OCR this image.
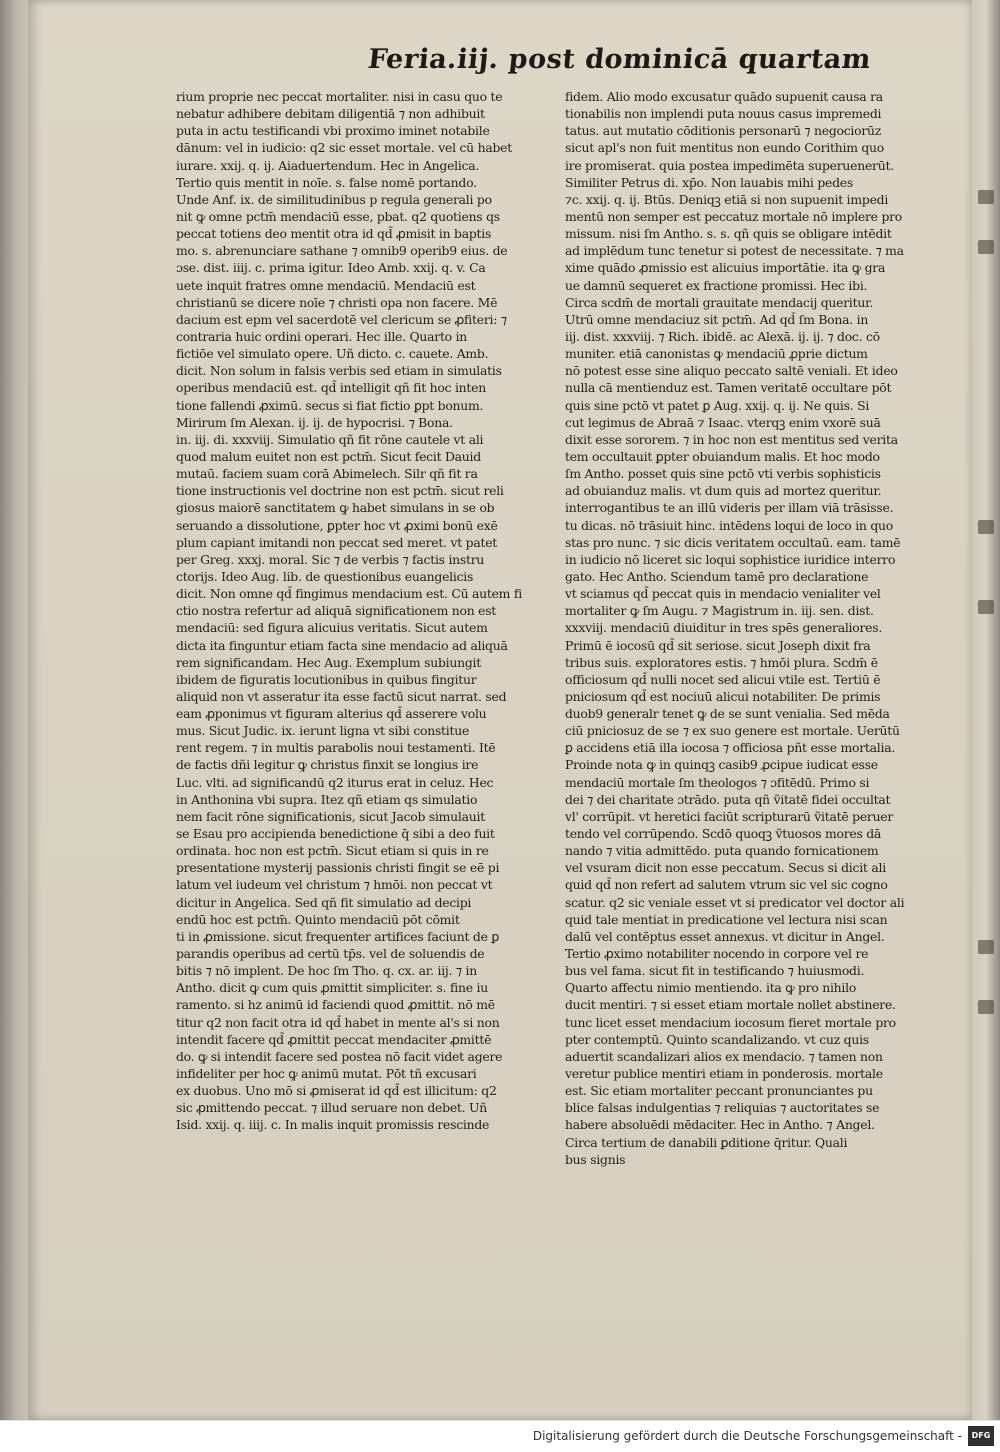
Feria.iij. post dominicā quartam
rium proprie nec peccat mortaliter. nisi in casu quo te
nebatur adhibere debitam diligentiā ⁊ non adhibuit
puta in actu testificandi vbi proximo iminet notabile
dānum: vel in iudicio: q2 sic esset mortale. vel cū habet
iurare. xxij. q. ij. Aiaduertendum. Hec in Angelica.
Tertio quis mentit in noīe. s. false nomē portando.
Unde Anf. ix. de similitudinibus p regula generali po
nit ꝙ omne pctm̄ mendaciū esse, pbat. q2 quotiens qs
peccat totiens deo mentit otra id qd̄ ꝓmisit in baptis
mo. s. abrenunciare sathane ⁊ omnib9 operib9 eius. de
ɔse. dist. iiij. c. prima igitur. Ideo Amb. xxij. q. v. Ca
uete inquit fratres omne mendaciū. Mendaciū est
christianū se dicere noīe ⁊ christi opa non facere. Mē
dacium est epm vel sacerdotē vel clericum se ꝓfiteri: ⁊
contraria huic ordini operari. Hec ille. Quarto in
fictiōe vel simulato opere. Uñ dicto. c. cauete. Amb.
dicit. Non solum in falsis verbis sed etiam in simulatis
operibus mendaciū est. qd̄ intelligit qñ fit hoc inten
tione fallendi ꝓximū. secus si fiat fictio ꝑpt bonum.
Mirirum ſm Alexan. ij. ij. de hypocrisi. ⁊ Bona.
in. iij. di. xxxviij. Simulatio qñ fit rōne cautele vt ali
quod malum euitet non est pctm̄. Sicut fecit Dauid
mutaū. faciem suam corā Abimelech. Silr qñ fit ra
tione instructionis vel doctrine non est pctm̄. sicut reli
giosus maiorē sanctitatem ꝙ habet simulans in se ob
seruando a dissolutione, ꝑpter hoc vt ꝓximi bonū exē
plum capiant imitandi non peccat sed meret. vt patet
per Greg. xxxj. moral. Sic ⁊ de verbis ⁊ factis instru
ctorijs. Ideo Aug. lib. de questionibus euangelicis
dicit. Non omne qd̄ fingimus mendacium est. Cū autem fi
ctio nostra refertur ad aliquā significationem non est
mendaciū: sed figura alicuius veritatis. Sicut autem
dicta ita finguntur etiam facta sine mendacio ad aliquā
rem significandam. Hec Aug. Exemplum subiungit
ibidem de figuratis locutionibus in quibus fingitur
aliquid non vt asseratur ita esse factū sicut narrat. sed
eam ꝓponimus vt figuram alterius qd̄ asserere volu
mus. Sicut Judic. ix. ierunt ligna vt sibi constitue
rent regem. ⁊ in multis parabolis noui testamenti. Itē
de factis dñi legitur ꝙ christus finxit se longius ire
Luc. vlti. ad significandū q2 iturus erat in celuz. Hec
in Anthonina vbi supra. Itez qñ etiam qs simulatio
nem facit rōne significationis, sicut Jacob simulauit
se Esau pro accipienda benedictione q̄ sibi a deo fuit
ordinata. hoc non est pctm̄. Sicut etiam si quis in re
presentatione mysterij passionis christi fingit se eē pi
latum vel iudeum vel christum ⁊ hmōi. non peccat vt
dicitur in Angelica. Sed qñ fit simulatio ad decipi
endū hoc est pctm̄. Quinto mendaciū pōt cōmit
ti in ꝓmissione. sicut frequenter artifices faciunt de ꝑ
parandis operibus ad certū tp̄s. vel de soluendis de
bitis ⁊ nō implent. De hoc ſm Tho. q. cx. ar. iij. ⁊ in
Antho. dicit ꝙ cum quis ꝓmittit simpliciter. s. fine iu
ramento. si hz animū id faciendi quod ꝓmittit. nō mē
titur q2 non facit otra id qd̄ habet in mente al's si non
intendit facere qd̄ ꝓmittit peccat mendaciter ꝓmittē
do. ꝙ si intendit facere sed postea nō facit videt agere
infideliter per hoc ꝙ animū mutat. Pōt tñ excusari
ex duobus. Uno mō si ꝓmiserat id qd̄ est illicitum: q2
sic ꝓmittendo peccat. ⁊ illud seruare non debet. Uñ
Isid. xxij. q. iiij. c. In malis inquit promissis rescinde
fidem. Alio modo excusatur quādo supuenit causa ra
tionabilis non implendi puta nouus casus impremedi
tatus. aut mutatio cōditionis personarū ⁊ negociorūz
sicut apl's non fuit mentitus non eundo Corithim quo
ire promiserat. quia postea impedimēta superuenerūt.
Similiter Petrus di. xp̄o. Non lauabis mihi pedes
⁊c. xxij. q. ij. Btūs. Deniqꝫ etiā si non supuenit impedi
mentū non semper est peccatuz mortale nō implere pro
missum. nisi ſm Antho. s. s. qñ quis se obligare intēdit
ad implēdum tunc tenetur si potest de necessitate. ⁊ ma
xime quādo ꝓmissio est alicuius importātie. ita ꝙ gra
ue damnū sequeret ex fractione promissi. Hec ibi.
Circa scdm̄ de mortali grauitate mendacij queritur.
Utrū omne mendaciuz sit pctm̄. Ad qd̄ ſm Bona. in
iij. dist. xxxviij. ⁊ Rich. ibidē. ac Alexā. ij. ij. ⁊ doc. cō
muniter. etiā canonistas ꝙ mendaciū ꝓprie dictum
nō potest esse sine aliquo peccato saltē veniali. Et ideo
nulla cā mentienduz est. Tamen veritatē occultare pōt
quis sine pctō vt patet ꝑ Aug. xxij. q. ij. Ne quis. Si
cut legimus de Abraā ⁊ Isaac. vterqꝫ enim vxorē suā
dixit esse sororem. ⁊ in hoc non est mentitus sed verita
tem occultauit ꝑpter obuiandum malis. Et hoc modo
ſm Antho. posset quis sine pctō vti verbis sophisticis
ad obuianduz malis. vt dum quis ad mortez queritur.
interrogantibus te an illū videris per illam viā trāsisse.
tu dicas. nō trāsiuit hinc. intēdens loqui de loco in quo
stas pro nunc. ⁊ sic dicis veritatem occultaū. eam. tamē
in iudicio nō liceret sic loqui sophistice iuridice interro
gato. Hec Antho. Sciendum tamē pro declaratione
vt sciamus qd̄ peccat quis in mendacio venialiter vel
mortaliter ꝙ ſm Augu. ⁊ Magistrum in. iij. sen. dist.
xxxviij. mendaciū diuiditur in tres spēs generaliores.
Primū ē iocosū qd̄ sit seriose. sicut Joseph dixit fra
tribus suis. exploratores estis. ⁊ hmōi plura. Scdm̄ ē
officiosum qd̄ nulli nocet sed alicui vtile est. Tertiū ē
pniciosum qd̄ est nociuū alicui notabiliter. De primis
duob9 generalr tenet ꝙ de se sunt venialia. Sed mēda
ciū pniciosuz de se ⁊ ex suo genere est mortale. Uerūtū
ꝑ accidens etiā illa iocosa ⁊ officiosa pñt esse mortalia.
Proinde nota ꝙ in quinqꝫ casib9 ꝓcipue iudicat esse
mendaciū mortale ſm theologos ⁊ ɔfitēdū. Primo si
dei ⁊ dei charitate ɔtrādo. puta qñ ṽitatē fidei occultat
vl' corrūpit. vt heretici faciūt scripturarū ṽitatē peruer
tendo vel corrūpendo. Scdō quoqꝫ ṽtuosos mores dā
nando ⁊ vitia admittēdo. puta quando fornicationem
vel vsuram dicit non esse peccatum. Secus si dicit ali
quid qd̄ non refert ad salutem vtrum sic vel sic cogno
scatur. q2 sic veniale esset vt si predicator vel doctor ali
quid tale mentiat in predicatione vel lectura nisi scan
dalū vel contēptus esset annexus. vt dicitur in Angel.
Tertio ꝓximo notabiliter nocendo in corpore vel re
bus vel fama. sicut fit in testificando ⁊ huiusmodi.
Quarto affectu nimio mentiendo. ita ꝙ pro nihilo
ducit mentiri. ⁊ si esset etiam mortale nollet abstinere.
tunc licet esset mendacium iocosum fieret mortale pro
pter contemptū. Quinto scandalizando. vt cuz quis
aduertit scandalizari alios ex mendacio. ⁊ tamen non
veretur publice mentiri etiam in ponderosis. mortale
est. Sic etiam mortaliter peccant pronunciantes pu
blice falsas indulgentias ⁊ reliquias ⁊ auctoritates se
habere absoluēdi mēdaciter. Hec in Antho. ⁊ Angel.
Circa tertium de danabili ꝑditione q̄ritur. Quali
bus signis
Digitalisierung gefördert durch die Deutsche Forschungsgemeinschaft -	DFG
